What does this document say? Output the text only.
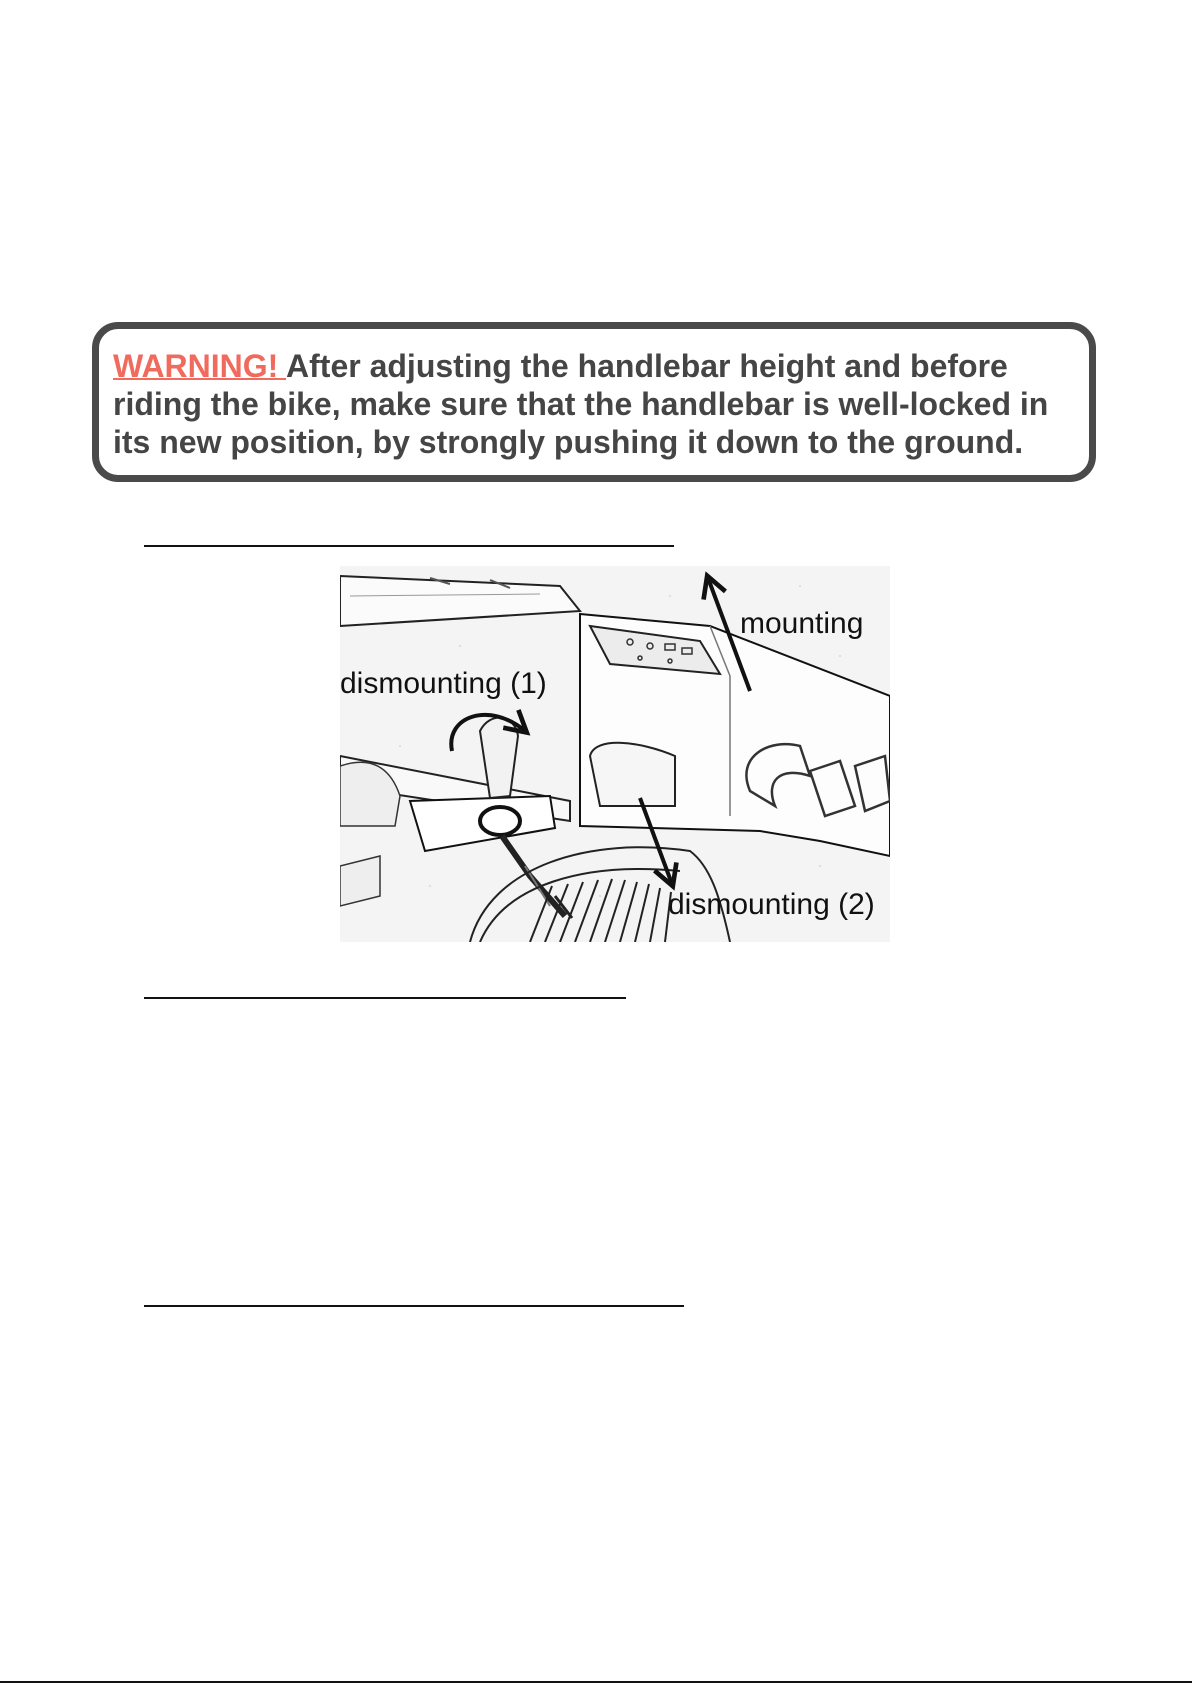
WARNING! After adjusting the handlebar height and before riding the bike, make sure that the handlebar is well-locked in its new position, by strongly pushing it down to the ground.

mounting
dismounting (1)
dismounting (2)
